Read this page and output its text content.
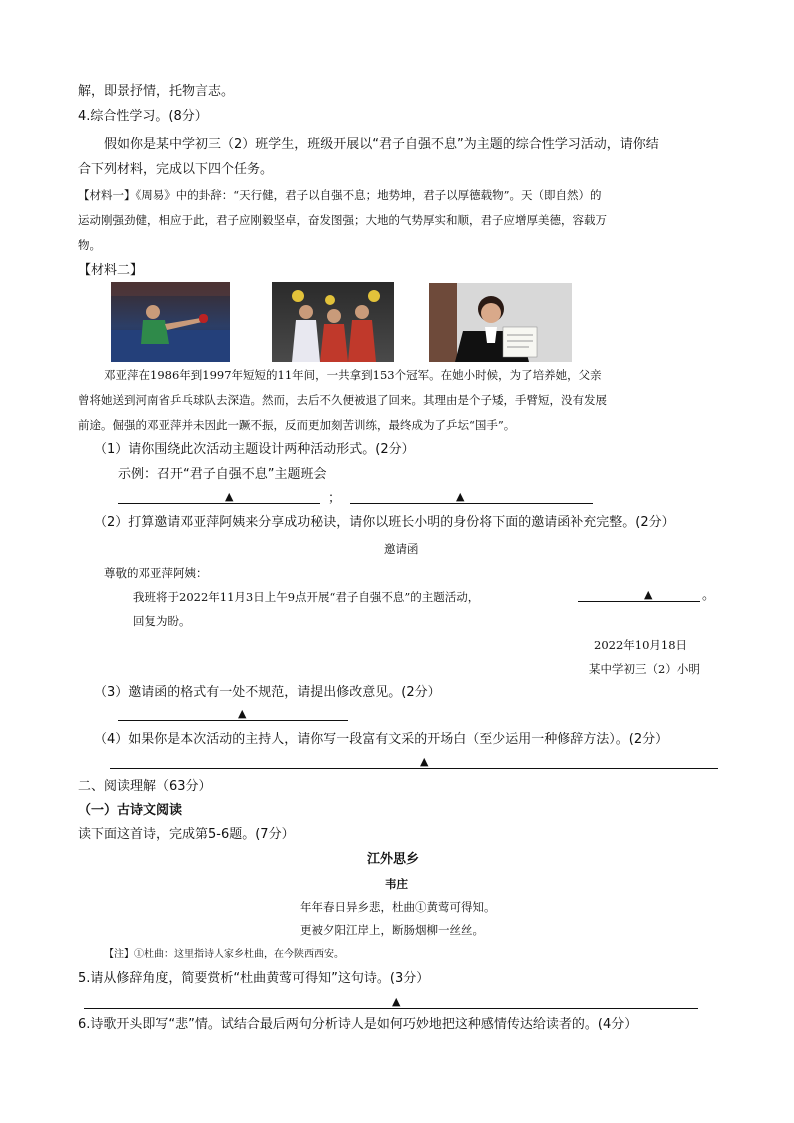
解，即景抒情，托物言志。
4.综合性学习。(8分）
假如你是某中学初三（2）班学生，班级开展以“君子自强不息”为主题的综合性学习活动，请你结
合下列材料，完成以下四个任务。
【材料一】《周易》中的卦辞：“天行健，君子以自强不息；地势坤，君子以厚德载物”。天（即自然）的
运动刚强劲健，相应于此，君子应刚毅坚卓，奋发图强；大地的气势厚实和顺，君子应增厚美德，容载万
物。
【材料二】
邓亚萍在1986年到1997年短短的11年间，一共拿到153个冠军。在她小时候，为了培养她，父亲
曾将她送到河南省乒乓球队去深造。然而，去后不久便被退了回来。其理由是个子矮，手臂短，没有发展
前途。倔强的邓亚萍并未因此一蹶不振，反而更加刻苦训练，最终成为了乒坛“国手”。
（1）请你围绕此次活动主题设计两种活动形式。(2分）
示例：召开“君子自强不息”主题班会
▲	；	▲
（2）打算邀请邓亚萍阿姨来分享成功秘诀，请你以班长小明的身份将下面的邀请函补充完整。(2分）
邀请函
尊敬的邓亚萍阿姨：
我班将于2022年11月3日上午9点开展“君子自强不息”的主题活动，	▲	。
回复为盼。
2022年10月18日
某中学初三（2）小明
（3）邀请函的格式有一处不规范，请提出修改意见。(2分）
▲
（4）如果你是本次活动的主持人，请你写一段富有文采的开场白（至少运用一种修辞方法）。(2分）
▲
二、阅读理解（63分）
（一）古诗文阅读
读下面这首诗，完成第5-6题。(7分）
江外思乡
韦庄
年年春日异乡悲，杜曲①黄莺可得知。
更被夕阳江岸上，断肠烟柳一丝丝。
【注】①杜曲：这里指诗人家乡杜曲，在今陕西西安。
5.请从修辞角度，简要赏析“杜曲黄莺可得知”这句诗。(3分）
▲
6.诗歌开头即写“悲”情。试结合最后两句分析诗人是如何巧妙地把这种感情传达给读者的。(4分）
